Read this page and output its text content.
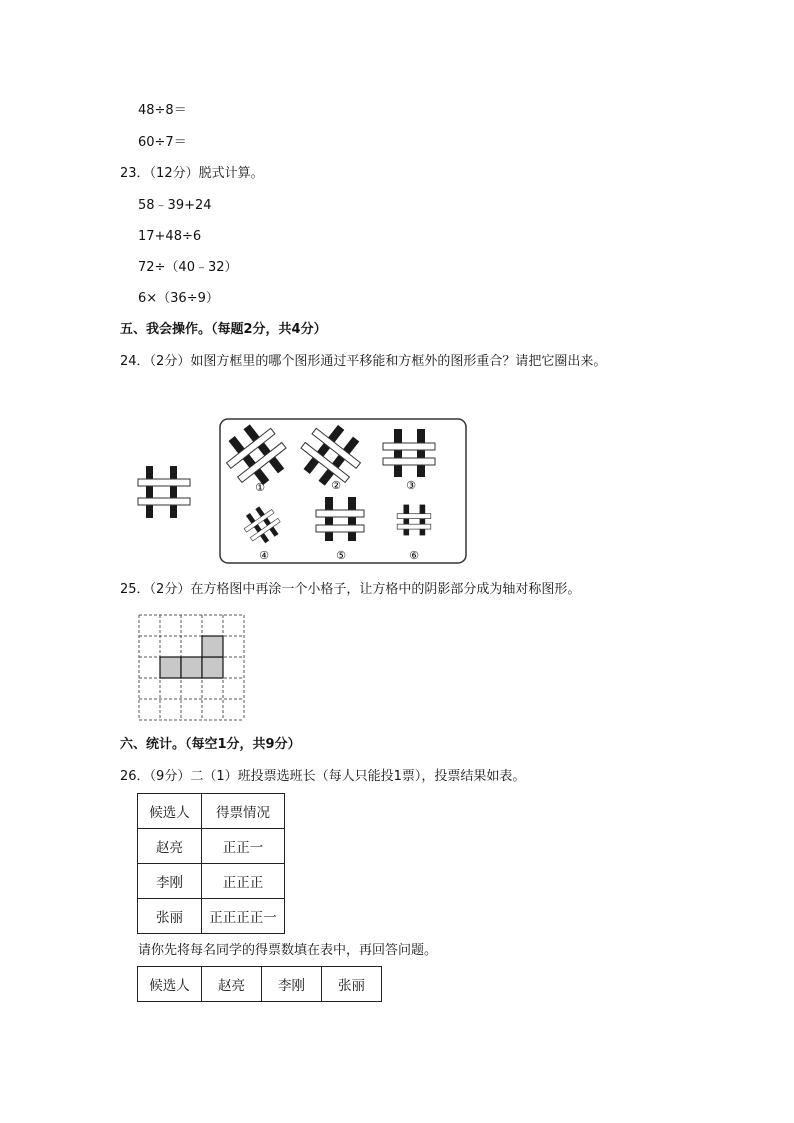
48÷8＝
60÷7＝
23．（12分）脱式计算。
58﹣39+24
17+48÷6
72÷（40﹣32）
6×（36÷9）
五、我会操作。（每题2分，共4分）
24．（2分）如图方框里的哪个图形通过平移能和方框外的图形重合？请把它圈出来。
①	②	③
④	⑤	⑥
25．（2分）在方格图中再涂一个小格子，让方格中的阴影部分成为轴对称图形。
六、统计。（每空1分，共9分）
26．（9分）二（1）班投票选班长（每人只能投1票），投票结果如表。
候选人	得票情况
赵亮	正正一
李刚	正正正
张丽	正正正正一
请你先将每名同学的得票数填在表中，再回答问题。
候选人	赵亮	李刚	张丽
